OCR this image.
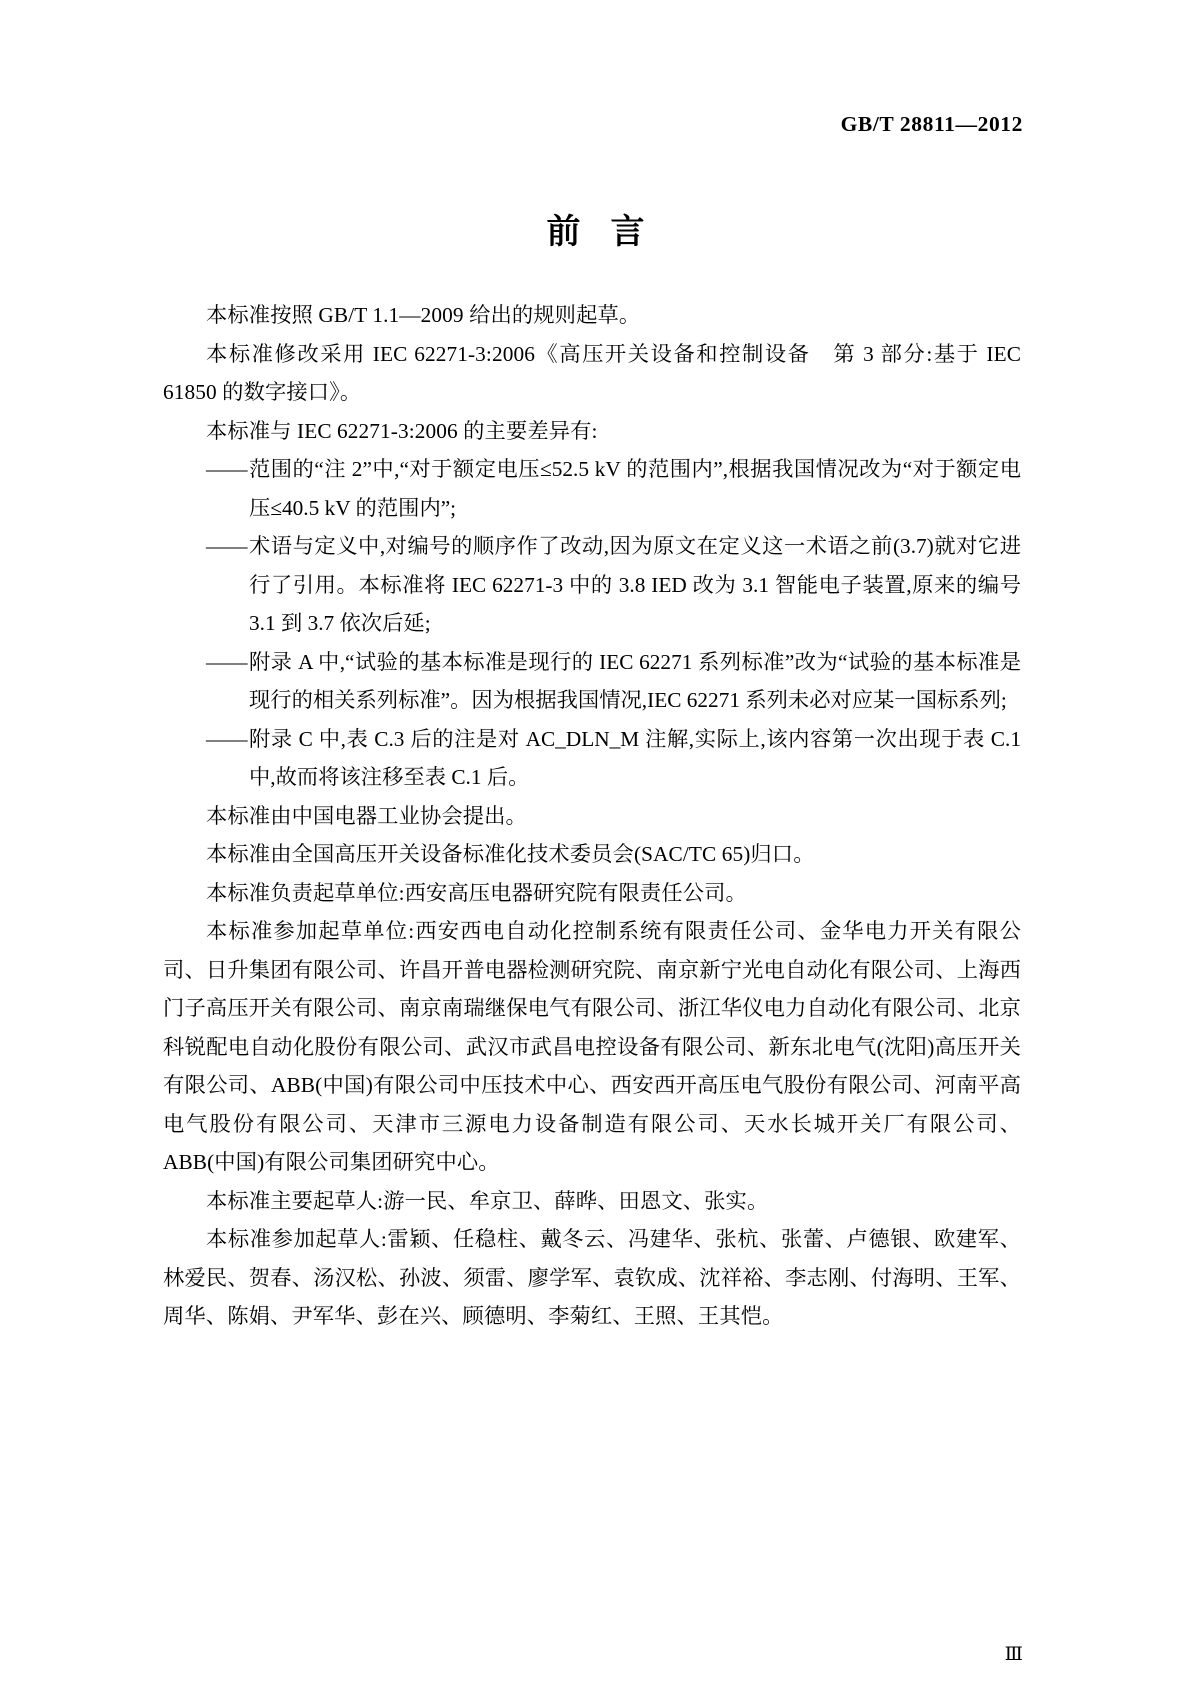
GB/T 28811—2012
前言

本标准按照 GB/T 1.1—2009 给出的规则起草。

本标准修改采用 IEC 62271-3:2006《高压开关设备和控制设备　第 3 部分:基于 IEC 61850 的数字接口》。

本标准与 IEC 62271-3:2006 的主要差异有:

—— 范围的“注 2”中,“对于额定电压≤52.5 kV 的范围内”,根据我国情况改为“对于额定电压≤40.5 kV 的范围内”;

—— 术语与定义中,对编号的顺序作了改动,因为原文在定义这一术语之前(3.7)就对它进行了引用。本标准将 IEC 62271-3 中的 3.8 IED 改为 3.1 智能电子装置,原来的编号 3.1 到 3.7 依次后延;

—— 附录 A 中,“试验的基本标准是现行的 IEC 62271 系列标准”改为“试验的基本标准是现行的相关系列标准”。因为根据我国情况,IEC 62271 系列未必对应某一国标系列;

—— 附录 C 中,表 C.3 后的注是对 AC_DLN_M 注解,实际上,该内容第一次出现于表 C.1 中,故而将该注移至表 C.1 后。

本标准由中国电器工业协会提出。

本标准由全国高压开关设备标准化技术委员会(SAC/TC 65)归口。

本标准负责起草单位:西安高压电器研究院有限责任公司。

本标准参加起草单位:西安西电自动化控制系统有限责任公司、金华电力开关有限公司、日升集团有限公司、许昌开普电器检测研究院、南京新宁光电自动化有限公司、上海西门子高压开关有限公司、南京南瑞继保电气有限公司、浙江华仪电力自动化有限公司、北京科锐配电自动化股份有限公司、武汉市武昌电控设备有限公司、新东北电气(沈阳)高压开关有限公司、ABB(中国)有限公司中压技术中心、西安西开高压电气股份有限公司、河南平高电气股份有限公司、天津市三源电力设备制造有限公司、天水长城开关厂有限公司、ABB(中国)有限公司集团研究中心。

本标准主要起草人:游一民、牟京卫、薛晔、田恩文、张实。

本标准参加起草人:雷颖、任稳柱、戴冬云、冯建华、张杭、张蕾、卢德银、欧建军、林爱民、贺春、汤汉松、孙波、须雷、廖学军、袁钦成、沈祥裕、李志刚、付海明、王军、周华、陈娟、尹军华、彭在兴、顾德明、李菊红、王照、王其恺。

Ⅲ
